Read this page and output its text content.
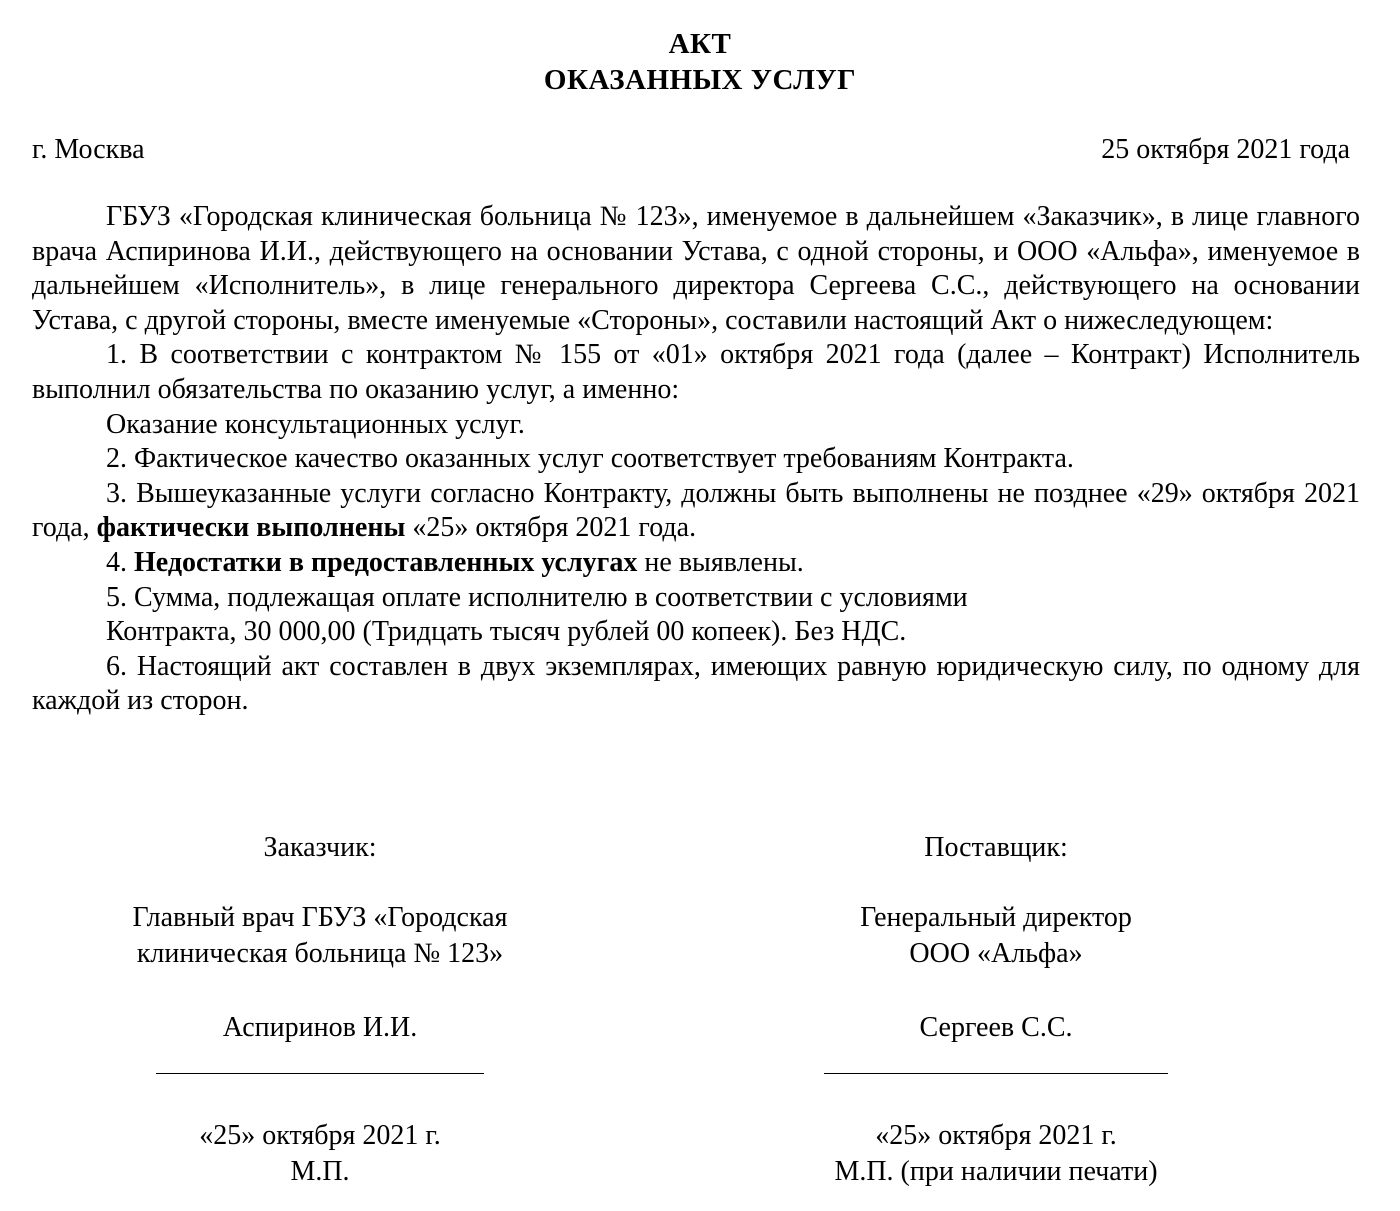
АКТ
ОКАЗАННЫХ УСЛУГ
г. Москва	25 октября 2021 года

ГБУЗ «Городская клиническая больница № 123», именуемое в дальнейшем «Заказчик», в лице главного врача Аспиринова И.И., действующего на основании Устава, с одной стороны, и ООО «Альфа», именуемое в дальнейшем «Исполнитель», в лице генерального директора Сергеева С.С., действующего на основании Устава, с другой стороны, вместе именуемые «Стороны», составили настоящий Акт о нижеследующем:

1. В соответствии с контрактом № 155 от «01» октября 2021 года (далее – Контракт) Исполнитель выполнил обязательства по оказанию услуг, а именно:

Оказание консультационных услуг.

2. Фактическое качество оказанных услуг соответствует требованиям Контракта.

3. Вышеуказанные услуги согласно Контракту, должны быть выполнены не позднее «29» октября 2021 года, фактически выполнены «25» октября 2021 года.

4. Недостатки в предоставленных услугах не выявлены.

5. Сумма, подлежащая оплате исполнителю в соответствии с условиями

Контракта, 30 000,00 (Тридцать тысяч рублей 00 копеек). Без НДС.

6. Настоящий акт составлен в двух экземплярах, имеющих равную юридическую силу, по одному для каждой из сторон.

Заказчик:
Главный врач ГБУЗ «Городская
клиническая больница № 123»
Аспиринов И.И.
«25» октября 2021 г.
М.П.
Поставщик:
Генеральный директор
ООО «Альфа»
Сергеев С.С.
«25» октября 2021 г.
М.П. (при наличии печати)
